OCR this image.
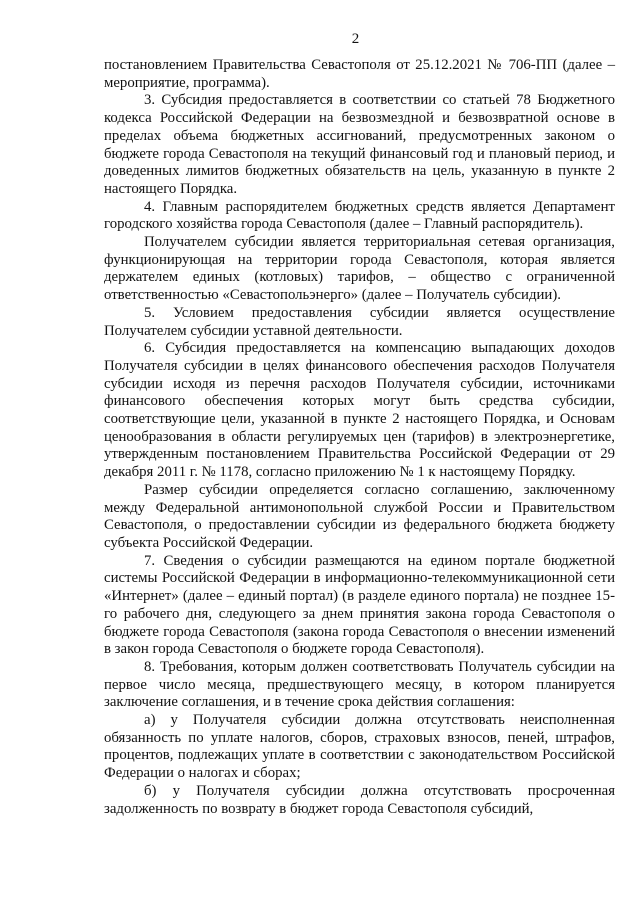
2

постановлением Правительства Севастополя от 25.12.2021 № 706-ПП (далее – мероприятие, программа).

3. Субсидия предоставляется в соответствии со статьей 78 Бюджетного кодекса Российской Федерации на безвозмездной и безвозвратной основе в пределах объема бюджетных ассигнований, предусмотренных законом о бюджете города Севастополя на текущий финансовый год и плановый период, и доведенных лимитов бюджетных обязательств на цель, указанную в пункте 2 настоящего Порядка.

4. Главным распорядителем бюджетных средств является Департамент городского хозяйства города Севастополя (далее – Главный распорядитель).

Получателем субсидии является территориальная сетевая организация, функционирующая на территории города Севастополя, которая является держателем единых (котловых) тарифов, – общество с ограниченной ответственностью «Севастопольэнерго» (далее – Получатель субсидии).

5. Условием предоставления субсидии является осуществление Получателем субсидии уставной деятельности.

6. Субсидия предоставляется на компенсацию выпадающих доходов Получателя субсидии в целях финансового обеспечения расходов Получателя субсидии исходя из перечня расходов Получателя субсидии, источниками финансового обеспечения которых могут быть средства субсидии, соответствующие цели, указанной в пункте 2 настоящего Порядка, и Основам ценообразования в области регулируемых цен (тарифов) в электроэнергетике, утвержденным постановлением Правительства Российской Федерации от 29 декабря 2011 г. № 1178, согласно приложению № 1 к настоящему Порядку.

Размер субсидии определяется согласно соглашению, заключенному между Федеральной антимонопольной службой России и Правительством Севастополя, о предоставлении субсидии из федерального бюджета бюджету субъекта Российской Федерации.

7. Сведения о субсидии размещаются на едином портале бюджетной системы Российской Федерации в информационно-телекоммуникационной сети «Интернет» (далее – единый портал) (в разделе единого портала) не позднее 15-го рабочего дня, следующего за днем принятия закона города Севастополя о бюджете города Севастополя (закона города Севастополя о внесении изменений в закон города Севастополя о бюджете города Севастополя).

8. Требования, которым должен соответствовать Получатель субсидии на первое число месяца, предшествующего месяцу, в котором планируется заключение соглашения, и в течение срока действия соглашения:

а) у Получателя субсидии должна отсутствовать неисполненная обязанность по уплате налогов, сборов, страховых взносов, пеней, штрафов, процентов, подлежащих уплате в соответствии с законодательством Российской Федерации о налогах и сборах;

б) у Получателя субсидии должна отсутствовать просроченная задолженность по возврату в бюджет города Севастополя субсидий,
